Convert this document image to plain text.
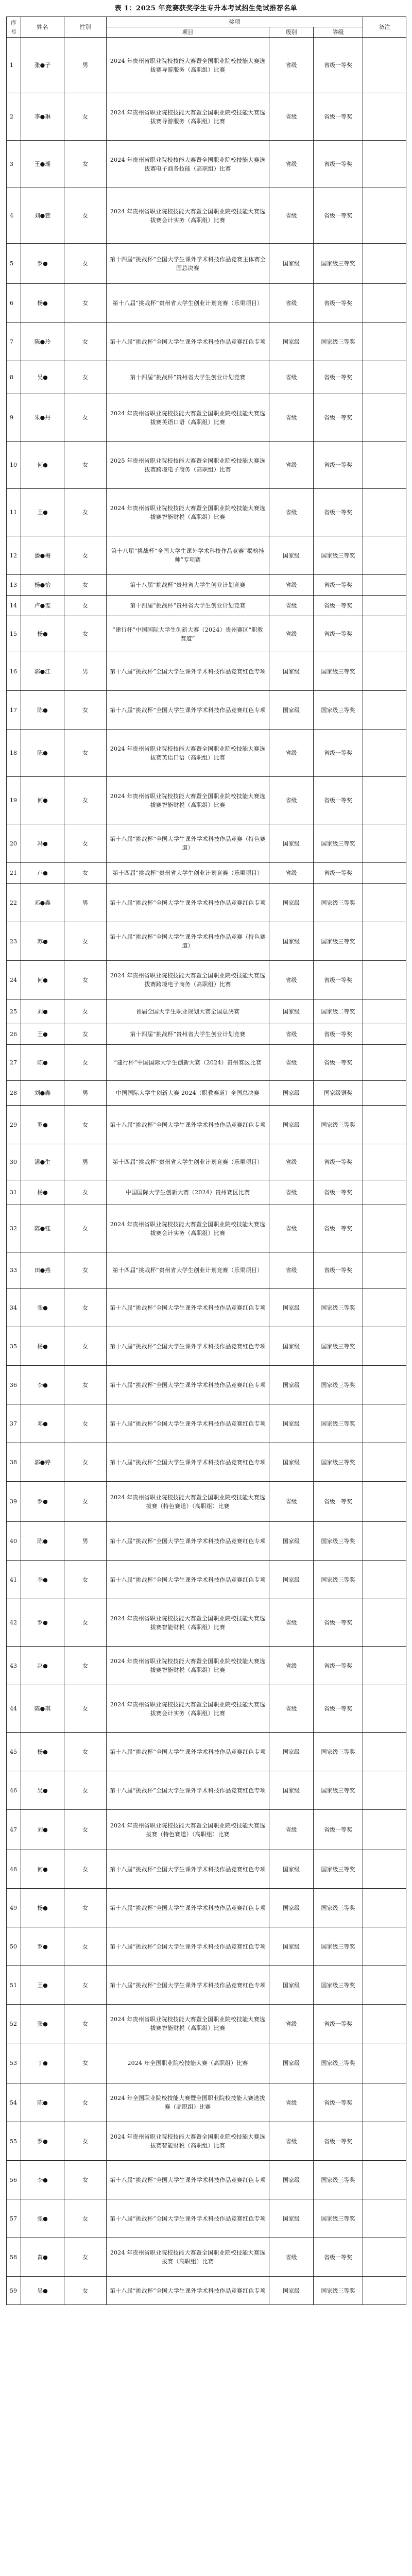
表 1：2025 年竞赛获奖学生专升本考试招生免试推荐名单
序号	姓名	性别	奖项			备注
			项目	级别	等级	
1	张●子	男	2024 年贵州省职业院校技能大赛暨全国职业院校技能大赛选拔赛导游服务（高职组）比赛	省级	省级一等奖	
2	李●琳	女	2024 年贵州省职业院校技能大赛暨全国职业院校技能大赛选拔赛导游服务（高职组）比赛	省级	省级一等奖	
3	王●瑶	女	2024 年贵州省职业院校技能大赛暨全国职业院校技能大赛选拔赛电子商务技能（高职组）比赛	省级	省级一等奖	
4	刘●萱	女	2024 年贵州省职业院校技能大赛暨全国职业院校技能大赛选拔赛会计实务（高职组）比赛	省级	省级一等奖	
5	罗●	女	第十四届“挑战杯”全国大学生课外学术科技作品竞赛主体赛全国总决赛	国家级	国家级三等奖	
6	杨●	女	第十八届“挑战杯”贵州省大学生创业计划竞赛（乐果项目）	省级	省级一等奖	
7	陈●玲	女	第十八届“挑战杯”全国大学生课外学术科技作品竞赛红色专项	国家级	国家级三等奖	
8	吴●	女	第十四届“挑战杯”贵州省大学生创业计划竞赛	省级	省级一等奖	
9	朱●丹	女	2024 年贵州省职业院校技能大赛暨全国职业院校技能大赛选拔赛英语口语（高职组）比赛	省级	省级一等奖	
10	何●	女	2025 年贵州省职业院校技能大赛暨全国职业院校技能大赛选拔赛跨境电子商务（高职组）比赛	省级	省级一等奖	
11	王●	女	2024 年贵州省职业院校技能大赛暨全国职业院校技能大赛选拔赛智能财税（高职组）比赛	省级	省级一等奖	
12	潘●梅	女	第十八届“挑战杯”全国大学生课外学术科技作品竞赛“揭榜挂帅”专项赛	国家级	国家级三等奖	
13	杨●怡	女	第十八届“挑战杯”贵州省大学生创业计划竞赛	省级	省级一等奖	
14	卢●雯	女	第十四届“挑战杯”贵州省大学生创业计划竞赛	省级	省级一等奖	
15	杨●	女	“建行杯”中国国际大学生创新大赛（2024）贵州赛区“职教赛道”	省级	省级一等奖	
16	郭●江	男	第十八届“挑战杯”全国大学生课外学术科技作品竞赛红色专项	国家级	国家级三等奖	
17	陈●	女	第十八届“挑战杯”全国大学生课外学术科技作品竞赛红色专项	国家级	国家级三等奖	
18	陈●	女	2024 年贵州省职业院校技能大赛暨全国职业院校技能大赛选拔赛英语口语（高职组）比赛	省级	省级一等奖	
19	何●	女	2024 年贵州省职业院校技能大赛暨全国职业院校技能大赛选拔赛智能财税（高职组）比赛	省级	省级一等奖	
20	冯●	女	第十八届“挑战杯”全国大学生课外学术科技作品竞赛（特色赛道）	国家级	国家级三等奖	
21	卢●	女	第十四届“挑战杯”贵州省大学生创业计划竞赛（乐果项目）	省级	省级一等奖	
22	邓●鑫	男	第十八届“挑战杯”全国大学生课外学术科技作品竞赛红色专项	国家级	国家级三等奖	
23	苏●	女	第十八届“挑战杯”全国大学生课外学术科技作品竞赛（特色赛道）	国家级	国家级三等奖	
24	何●	女	2024 年贵州省职业院校技能大赛暨全国职业院校技能大赛选拔赛跨境电子商务（高职组）比赛	省级	省级一等奖	
25	刘●	女	首届全国大学生职业规划大赛全国总决赛	国家级	国家级二等奖	
26	王●	女	第十四届“挑战杯”贵州省大学生创业计划竞赛	省级	省级一等奖	
27	陈●	女	“建行杯”中国国际大学生创新大赛（2024）贵州赛区比赛	省级	省级一等奖	
28	刘●鑫	男	中国国际大学生创新大赛 2024（职教赛道）全国总决赛	国家级	国家级铜奖	
29	罗●	女	第十八届“挑战杯”全国大学生课外学术科技作品竞赛红色专项	国家级	国家级三等奖	
30	潘●生	男	第十四届“挑战杯”贵州省大学生创业计划竞赛（乐果项目）	省级	省级一等奖	
31	杨●	女	中国国际大学生创新大赛（2024）贵州赛区比赛	省级	省级一等奖	
32	陈●钰	女	2024 年贵州省职业院校技能大赛暨全国职业院校技能大赛选拔赛会计实务（高职组）比赛	省级	省级一等奖	
33	田●燕	女	第十四届“挑战杯”贵州省大学生创业计划竞赛（乐果项目）	省级	省级一等奖	
34	张●	女	第十八届“挑战杯”全国大学生课外学术科技作品竞赛红色专项	国家级	国家级三等奖	
35	杨●	女	第十八届“挑战杯”全国大学生课外学术科技作品竞赛红色专项	国家级	国家级三等奖	
36	李●	女	第十八届“挑战杯”全国大学生课外学术科技作品竞赛红色专项	国家级	国家级三等奖	
37	邓●	女	第十八届“挑战杯”全国大学生课外学术科技作品竞赛红色专项	国家级	国家级三等奖	
38	郭●婷	女	第十八届“挑战杯”全国大学生课外学术科技作品竞赛红色专项	国家级	国家级三等奖	
39	罗●	女	2024 年贵州省职业院校技能大赛暨全国职业院校技能大赛选拔赛（特色赛道）（高职组）比赛	省级	省级一等奖	
40	陈●	男	第十八届“挑战杯”全国大学生课外学术科技作品竞赛红色专项	国家级	国家级三等奖	
41	李●	女	第十八届“挑战杯”全国大学生课外学术科技作品竞赛红色专项	国家级	国家级三等奖	
42	罗●	女	2024 年贵州省职业院校技能大赛暨全国职业院校技能大赛选拔赛智能财税（高职组）比赛	省级	省级一等奖	
43	赵●	女	2024 年贵州省职业院校技能大赛暨全国职业院校技能大赛选拔赛智能财税（高职组）比赛	省级	省级一等奖	
44	陈●琪	女	2024 年贵州省职业院校技能大赛暨全国职业院校技能大赛选拔赛会计实务（高职组）比赛	省级	省级一等奖	
45	杨●	女	第十八届“挑战杯”全国大学生课外学术科技作品竞赛红色专项	国家级	国家级三等奖	
46	吴●	女	第十八届“挑战杯”全国大学生课外学术科技作品竞赛红色专项	国家级	国家级三等奖	
47	刘●	女	2024 年贵州省职业院校技能大赛暨全国职业院校技能大赛选拔赛（特色赛道）（高职组）比赛	省级	省级一等奖	
48	何●	女	第十八届“挑战杯”全国大学生课外学术科技作品竞赛红色专项	国家级	国家级三等奖	
49	杨●	女	第十八届“挑战杯”全国大学生课外学术科技作品竞赛红色专项	国家级	国家级三等奖	
50	罗●	女	第十八届“挑战杯”全国大学生课外学术科技作品竞赛红色专项	国家级	国家级三等奖	
51	王●	女	第十八届“挑战杯”全国大学生课外学术科技作品竞赛红色专项	国家级	国家级三等奖	
52	张●	女	2024 年贵州省职业院校技能大赛暨全国职业院校技能大赛选拔赛智能财税（高职组）比赛	省级	省级一等奖	
53	丁●	女	2024 年全国职业院校技能大赛（高职组）比赛	国家级	国家级三等奖	
54	陈●	女	2024 年全国职业院校技能大赛暨全国职业院校技能大赛选拔赛（高职组）比赛	省级	省级一等奖	
55	罗●	女	2024 年贵州省职业院校技能大赛暨全国职业院校技能大赛选拔赛智能财税（高职组）比赛	省级	省级一等奖	
56	李●	女	第十八届“挑战杯”全国大学生课外学术科技作品竞赛红色专项	国家级	国家级三等奖	
57	张●	女	第十八届“挑战杯”全国大学生课外学术科技作品竞赛红色专项	国家级	国家级三等奖	
58	黄●	女	2024 年贵州省职业院校技能大赛暨全国职业院校技能大赛选拔赛（高职组）比赛	省级	省级一等奖	
59	吴●	女	第十八届“挑战杯”全国大学生课外学术科技作品竞赛红色专项	国家级	国家级三等奖	
